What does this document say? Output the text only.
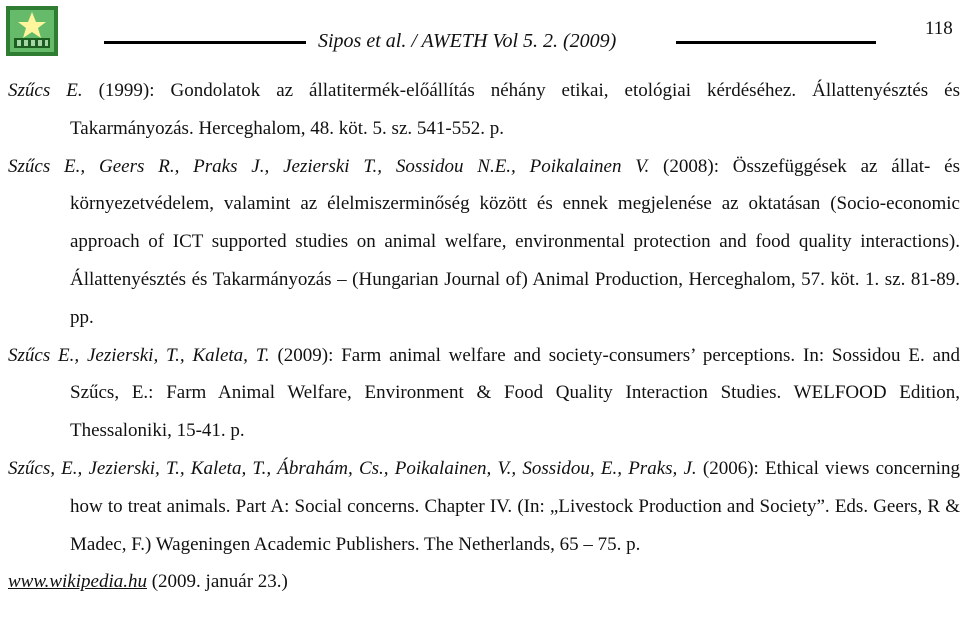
Sipos et al. / AWETH Vol 5. 2. (2009)
118

Szűcs E. (1999): Gondolatok az állatitermék-előállítás néhány etikai, etológiai kérdéséhez. Állattenyésztés és Takarmányozás. Herceghalom, 48. köt. 5. sz. 541-552. p.

Szűcs E., Geers R., Praks J., Jezierski T., Sossidou N.E., Poikalainen V. (2008): Összefüggések az állat- és környezetvédelem, valamint az élelmiszerminőség között és ennek megjelenése az oktatásan (Socio-economic approach of ICT supported studies on animal welfare, environmental protection and food quality interactions). Állattenyésztés és Takarmányozás – (Hungarian Journal of) Animal Production, Herceghalom, 57. köt. 1. sz. 81-89. pp.

Szűcs E., Jezierski, T., Kaleta, T. (2009): Farm animal welfare and society-consumers’ perceptions. In: Sossidou E. and Szűcs, E.: Farm Animal Welfare, Environment & Food Quality Interaction Studies. WELFOOD Edition, Thessaloniki, 15-41. p.

Szűcs, E., Jezierski, T., Kaleta, T., Ábrahám, Cs., Poikalainen, V., Sossidou, E., Praks, J. (2006): Ethical views concerning how to treat animals. Part A: Social concerns. Chapter IV. (In: „Livestock Production and Society”. Eds. Geers, R & Madec, F.) Wageningen Academic Publishers. The Netherlands, 65 – 75. p.

www.wikipedia.hu (2009. január 23.)
